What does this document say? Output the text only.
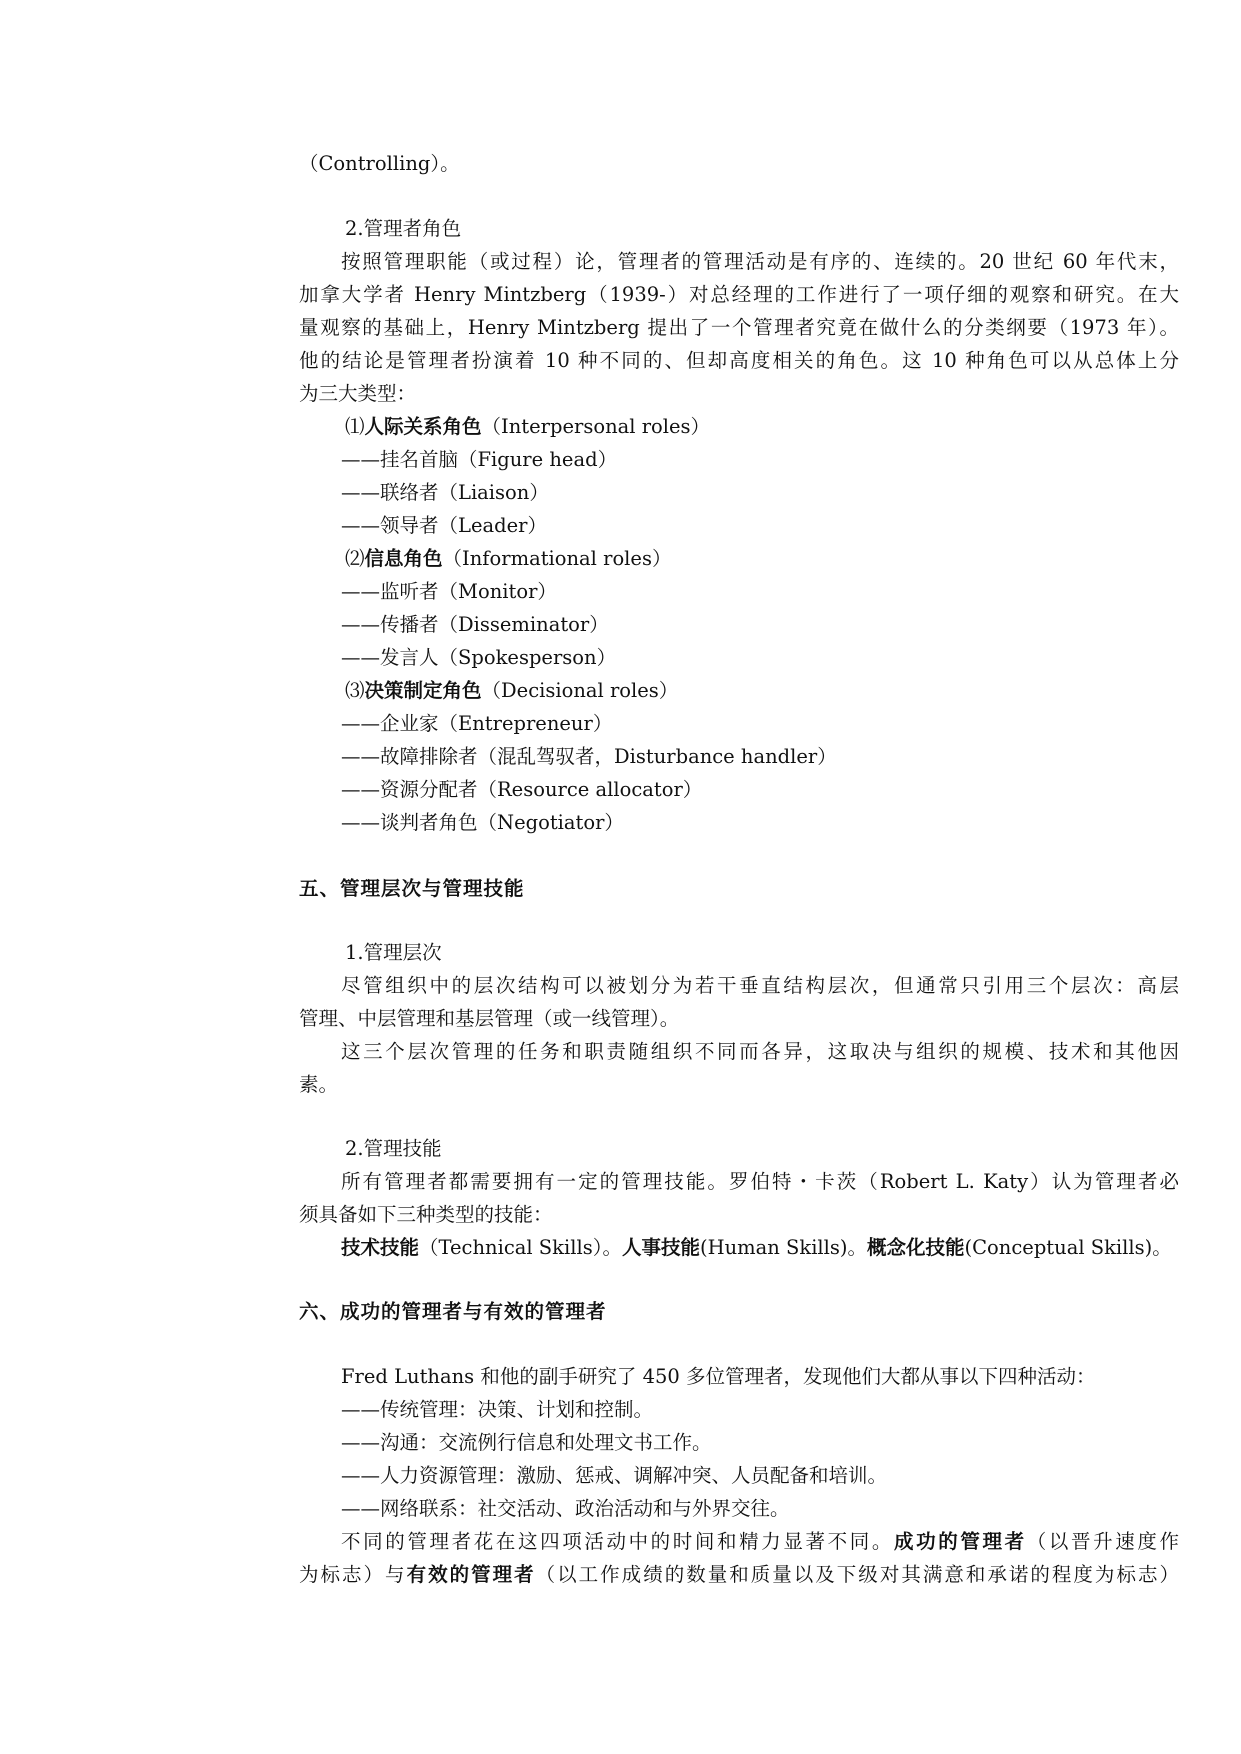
（Controlling）。
2.管理者角色
按照管理职能（或过程）论，管理者的管理活动是有序的、连续的。20 世纪 60 年代末，
加拿大学者 Henry Mintzberg（1939-）对总经理的工作进行了一项仔细的观察和研究。在大
量观察的基础上，Henry Mintzberg 提出了一个管理者究竟在做什么的分类纲要（1973 年）。
他的结论是管理者扮演着 10 种不同的、但却高度相关的角色。这 10 种角色可以从总体上分
为三大类型：
⑴人际关系角色（Interpersonal roles）
——挂名首脑（Figure head）
——联络者（Liaison）
——领导者（Leader）
⑵信息角色（Informational roles）
——监听者（Monitor）
——传播者（Disseminator）
——发言人（Spokesperson）
⑶决策制定角色（Decisional roles）
——企业家（Entrepreneur）
——故障排除者（混乱驾驭者，Disturbance handler）
——资源分配者（Resource allocator）
——谈判者角色（Negotiator）
五、管理层次与管理技能
1.管理层次
尽管组织中的层次结构可以被划分为若干垂直结构层次，但通常只引用三个层次：高层
管理、中层管理和基层管理（或一线管理）。
这三个层次管理的任务和职责随组织不同而各异，这取决与组织的规模、技术和其他因
素。
2.管理技能
所有管理者都需要拥有一定的管理技能。罗伯特・卡茨（Robert L. Katy）认为管理者必
须具备如下三种类型的技能：
技术技能（Technical Skills）。人事技能(Human Skills)。概念化技能(Conceptual Skills)。
六、成功的管理者与有效的管理者
Fred Luthans 和他的副手研究了 450 多位管理者，发现他们大都从事以下四种活动：
——传统管理：决策、计划和控制。
——沟通：交流例行信息和处理文书工作。
——人力资源管理：激励、惩戒、调解冲突、人员配备和培训。
——网络联系：社交活动、政治活动和与外界交往。
不同的管理者花在这四项活动中的时间和精力显著不同。成功的管理者（以晋升速度作
为标志）与有效的管理者（以工作成绩的数量和质量以及下级对其满意和承诺的程度为标志）
